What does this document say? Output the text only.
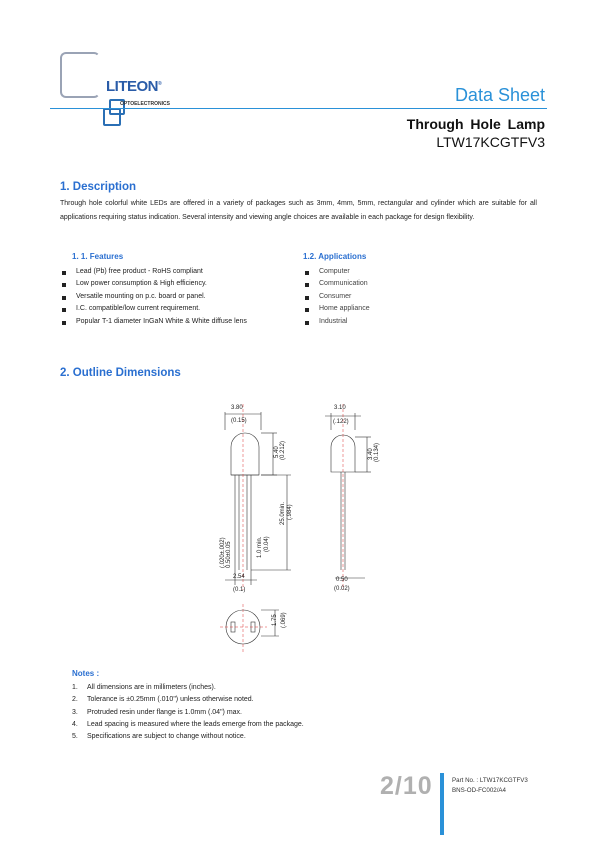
LITEON®
OPTOELECTRONICS	Data Sheet
Through Hole Lamp
LTW17KCGTFV3
1. Description
Through hole colorful white LEDs are offered in a variety of packages such as 3mm, 4mm, 5mm, rectangular and cylinder which are suitable for all applications requiring status indication. Several intensity and viewing angle choices are available in each package for design flexibility.
1. 1. Features
Lead (Pb) free product - RoHS compliant
Low power consumption & High efficiency.
Versatile mounting on p.c. board or panel.
I.C. compatible/low current requirement.
Popular T-1 diameter InGaN White & White diffuse lens
1.2. Applications
Computer
Communication
Consumer
Home appliance
Industrial
2. Outline Dimensions
3.80
(0.15)
3.10
(.122)
5.40 (0.212)	3.40 (0.134)
25.0min. (.984)
0.50±0.05
(.020±.002)	1.0 min. (0.04)
2.54
(0.1)
0.50
(0.02)
1.75 (.069)
Notes :
1. All dimensions are in millimeters (inches).
2. Tolerance is ±0.25mm (.010") unless otherwise noted.
3. Protruded resin under flange is 1.0mm (.04") max.
4. Lead spacing is measured where the leads emerge from the package.
5. Specifications are subject to change without notice.
2/10	Part No. : LTW17KCGTFV3
BNS-OD-FC002/A4
